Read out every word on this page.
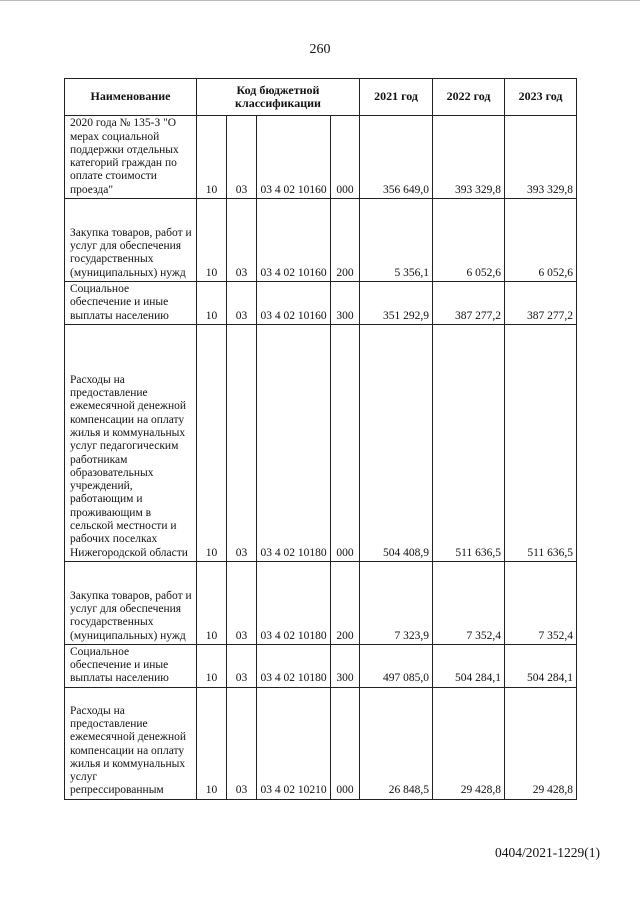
260
Наименование	Код бюджетной классификации				2021 год	2022 год	2023 год
2020 года № 135-З "О мерах социальной поддержки отдельных категорий граждан по оплате стоимости проезда"	10	03	03 4 02 10160	000	356 649,0	393 329,8	393 329,8
Закупка товаров, работ и услуг для обеспечения государственных (муниципальных) нужд	10	03	03 4 02 10160	200	5 356,1	6 052,6	6 052,6
Социальное обеспечение и иные выплаты населению	10	03	03 4 02 10160	300	351 292,9	387 277,2	387 277,2
Расходы на предоставление ежемесячной денежной компенсации на оплату жилья и коммунальных услуг педагогическим работникам образовательных учреждений, работающим и проживающим в сельской местности и рабочих поселках Нижегородской области	10	03	03 4 02 10180	000	504 408,9	511 636,5	511 636,5
Закупка товаров, работ и услуг для обеспечения государственных (муниципальных) нужд	10	03	03 4 02 10180	200	7 323,9	7 352,4	7 352,4
Социальное обеспечение и иные выплаты населению	10	03	03 4 02 10180	300	497 085,0	504 284,1	504 284,1
Расходы на предоставление ежемесячной денежной компенсации на оплату жилья и коммунальных услуг репрессированным	10	03	03 4 02 10210	000	26 848,5	29 428,8	29 428,8
0404/2021-1229(1)
